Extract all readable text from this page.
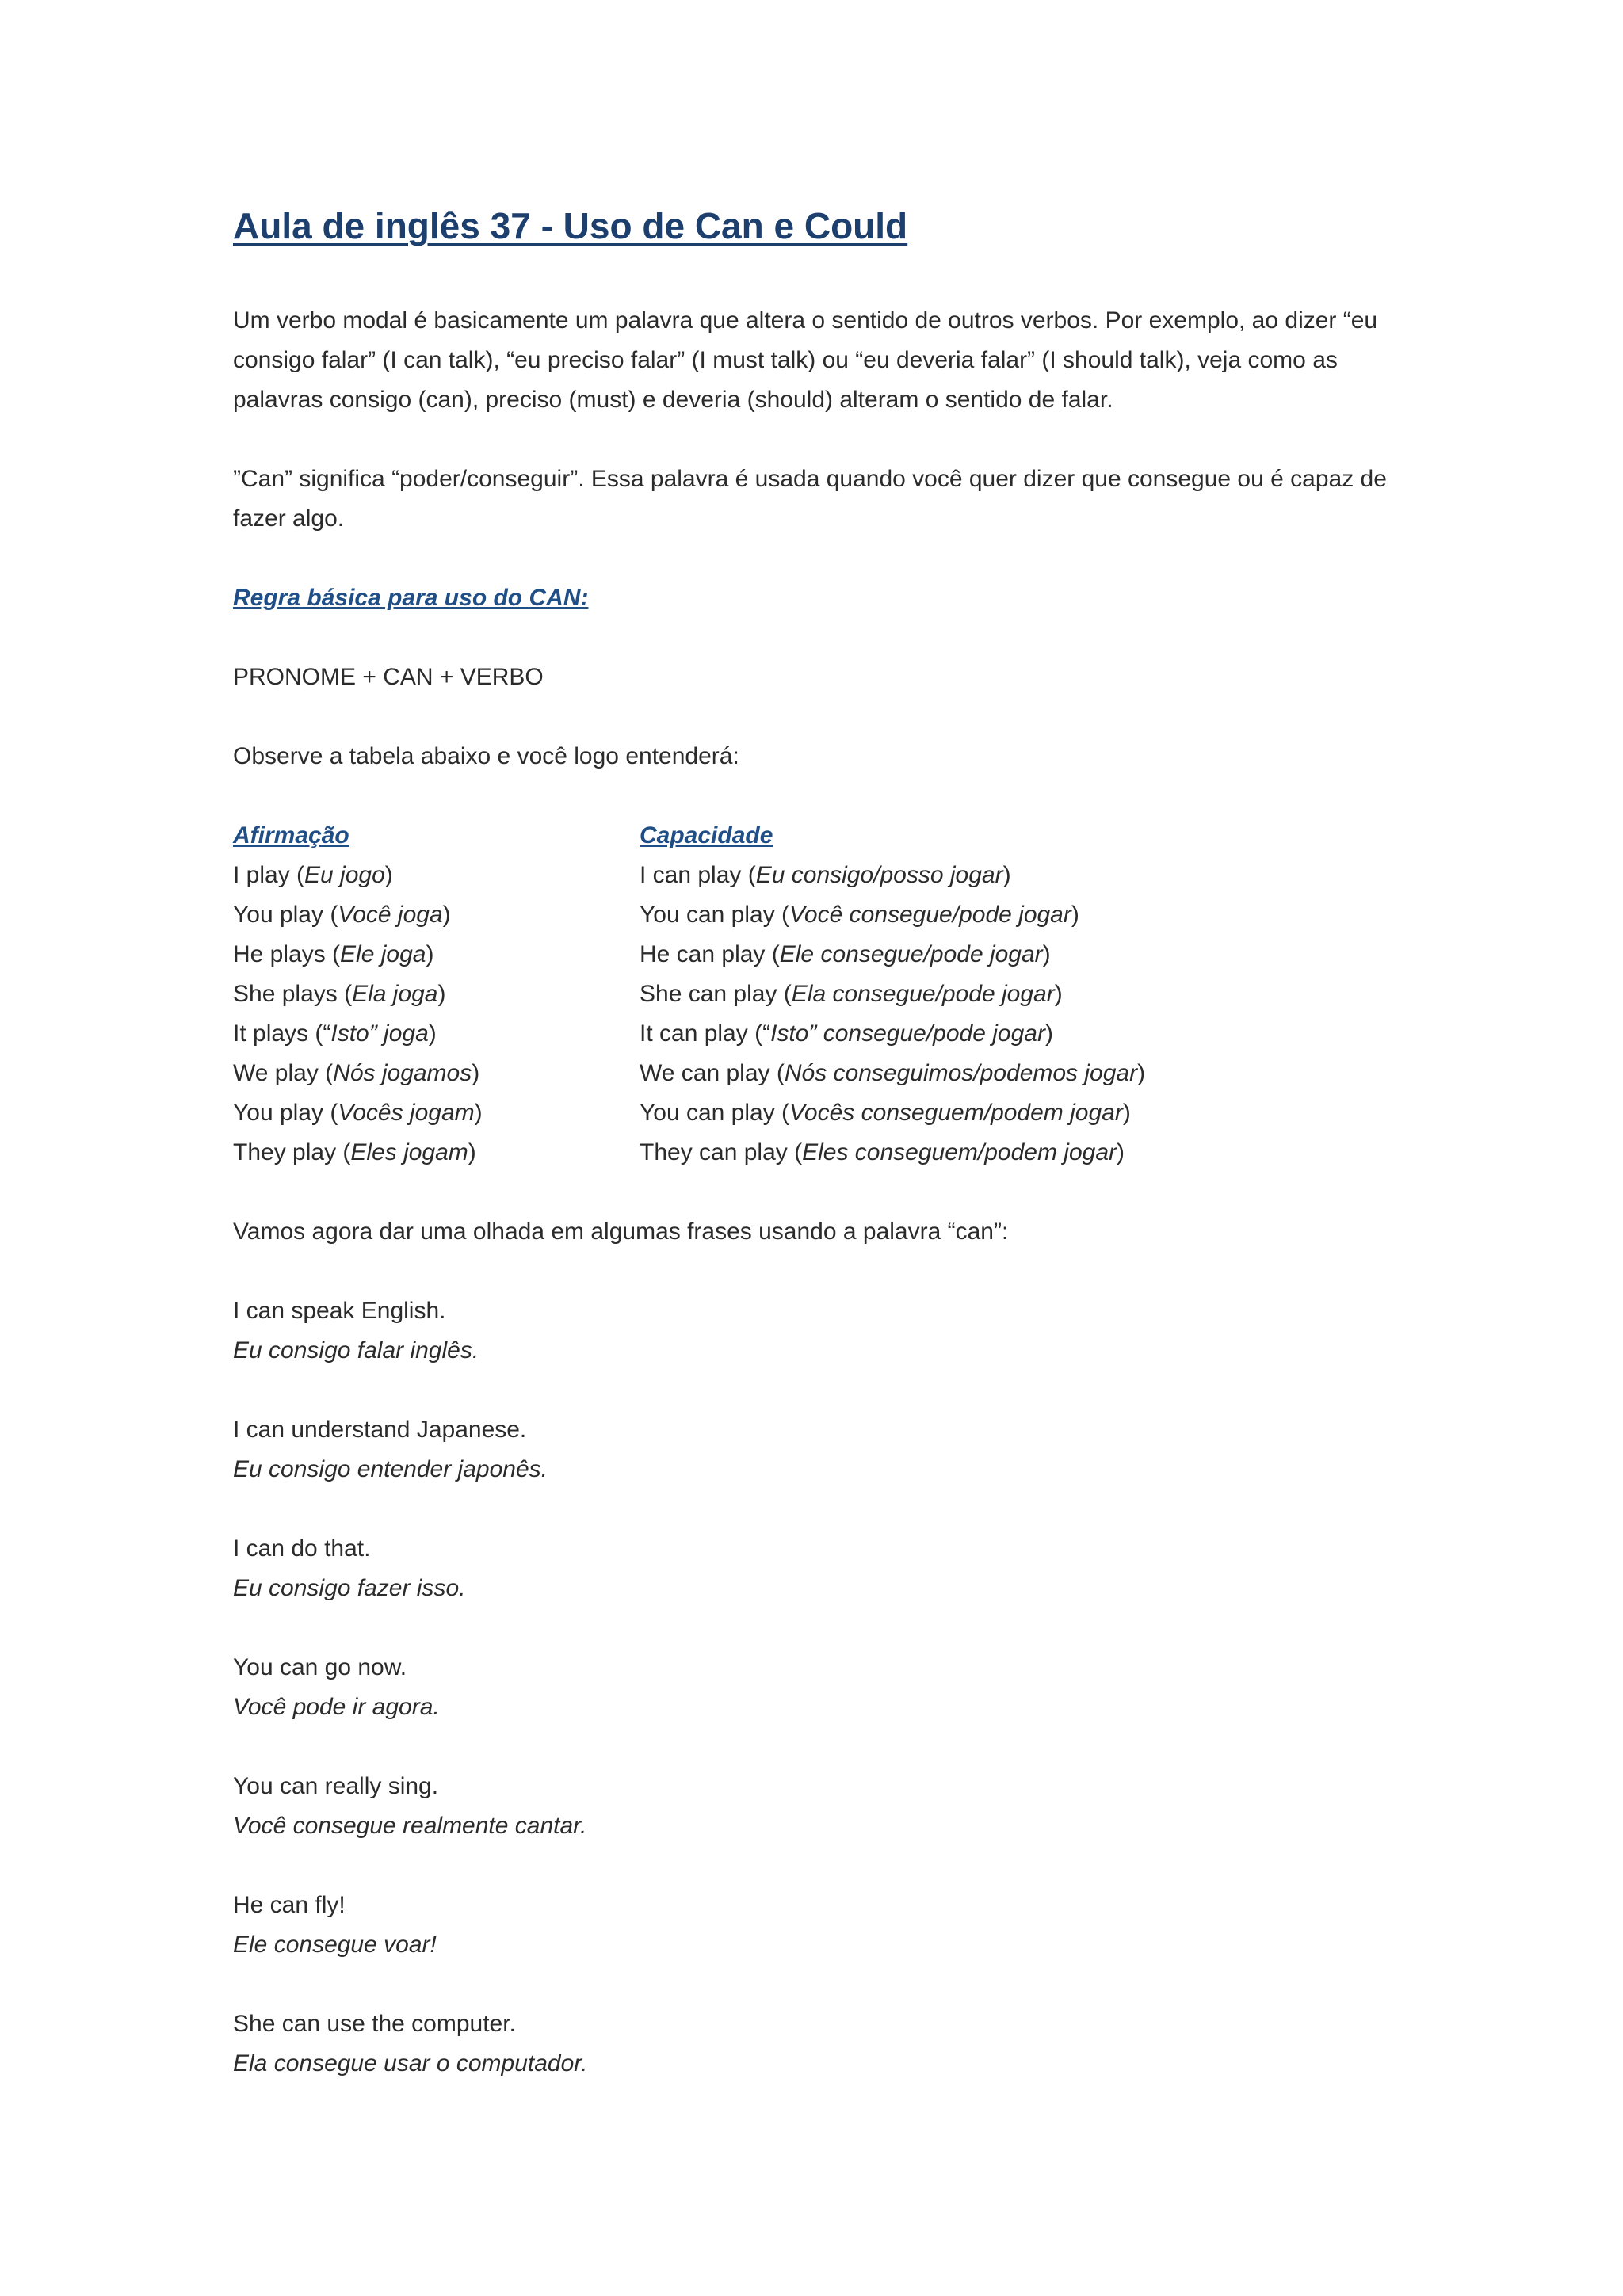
Aula de inglês 37 - Uso de Can e Could

Um verbo modal é basicamente um palavra que altera o sentido de outros verbos. Por exemplo, ao dizer “eu consigo falar” (I can talk), “eu preciso falar” (I must talk) ou “eu deveria falar” (I should talk), veja como as palavras consigo (can), preciso (must) e deveria (should) alteram o sentido de falar.

”Can” significa “poder/conseguir”. Essa palavra é usada quando você quer dizer que consegue ou é capaz de fazer algo.

Regra básica para uso do CAN:

PRONOME + CAN + VERBO

Observe a tabela abaixo e você logo entenderá:

Afirmação
I play (Eu jogo)
You play (Você joga)
He plays (Ele joga)
She plays (Ela joga)
It plays (“Isto” joga)
We play (Nós jogamos)
You play (Vocês jogam)
They play (Eles jogam)
Capacidade
I can play (Eu consigo/posso jogar)
You can play (Você consegue/pode jogar)
He can play (Ele consegue/pode jogar)
She can play (Ela consegue/pode jogar)
It can play (“Isto” consegue/pode jogar)
We can play (Nós conseguimos/podemos jogar)
You can play (Vocês conseguem/podem jogar)
They can play (Eles conseguem/podem jogar)

Vamos agora dar uma olhada em algumas frases usando a palavra “can”:

I can speak English.

Eu consigo falar inglês.

I can understand Japanese.

Eu consigo entender japonês.

I can do that.

Eu consigo fazer isso.

You can go now.

Você pode ir agora.

You can really sing.

Você consegue realmente cantar.

He can fly!

Ele consegue voar!

She can use the computer.

Ela consegue usar o computador.
